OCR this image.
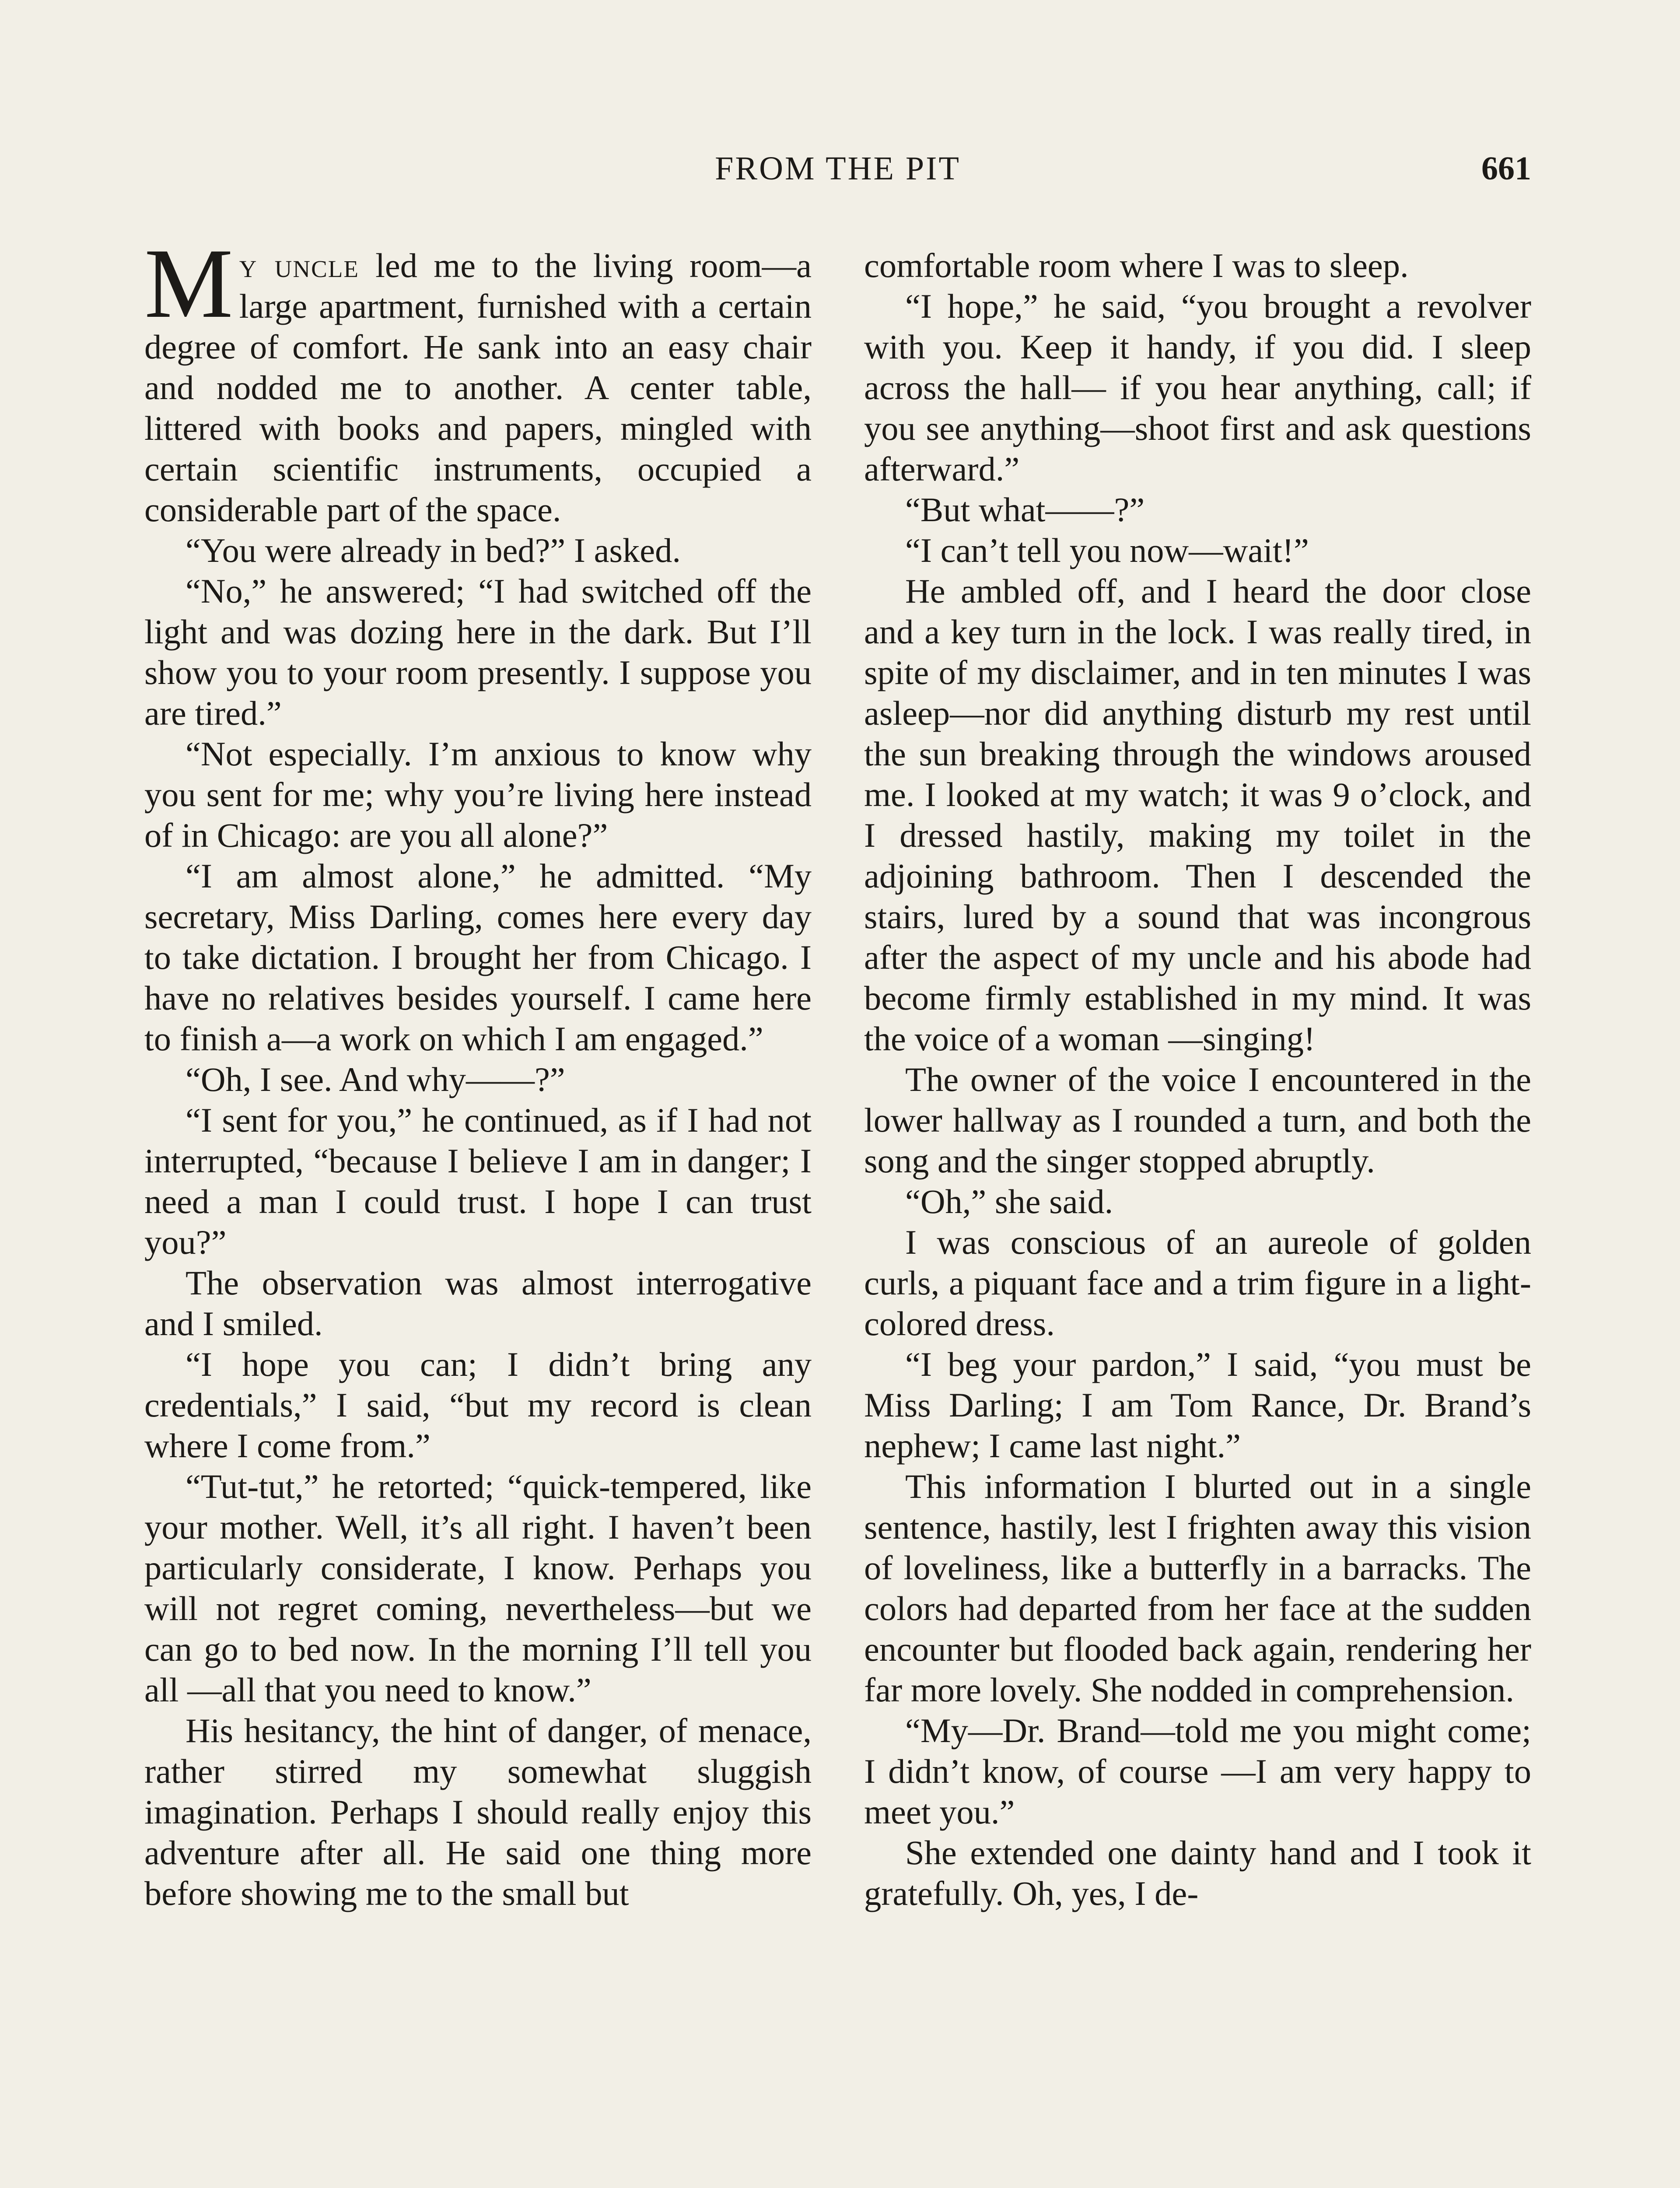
FROM THE PIT	661

My uncle led me to the living room—a large apartment, furnished with a certain degree of comfort. He sank into an easy chair and nodded me to another. A center table, littered with books and papers, mingled with certain scientific instruments, occupied a considerable part of the space.

“You were already in bed?” I asked.

“No,” he answered; “I had switched off the light and was dozing here in the dark. But I’ll show you to your room presently. I suppose you are tired.”

“Not especially. I’m anxious to know why you sent for me; why you’re living here instead of in Chicago: are you all alone?”

“I am almost alone,” he admitted. “My secretary, Miss Darling, comes here every day to take dictation. I brought her from Chicago. I have no relatives besides yourself. I came here to finish a—a work on which I am engaged.”

“Oh, I see. And why——?”

“I sent for you,” he continued, as if I had not interrupted, “because I believe I am in danger; I need a man I could trust. I hope I can trust you?”

The observation was almost interrogative and I smiled.

“I hope you can; I didn’t bring any credentials,” I said, “but my record is clean where I come from.”

“Tut-tut,” he retorted; “quick-tempered, like your mother. Well, it’s all right. I haven’t been particularly considerate, I know. Perhaps you will not regret coming, nevertheless—but we can go to bed now. In the morning I’ll tell you all —all that you need to know.”

His hesitancy, the hint of danger, of menace, rather stirred my somewhat sluggish imagination. Perhaps I should really enjoy this adventure after all. He said one thing more before showing me to the small but

comfortable room where I was to sleep.

“I hope,” he said, “you brought a revolver with you. Keep it handy, if you did. I sleep across the hall— if you hear anything, call; if you see anything—shoot first and ask questions afterward.”

“But what——?”

“I can’t tell you now—wait!”

He ambled off, and I heard the door close and a key turn in the lock. I was really tired, in spite of my disclaimer, and in ten minutes I was asleep—nor did anything disturb my rest until the sun breaking through the windows aroused me. I looked at my watch; it was 9 o’clock, and I dressed hastily, making my toilet in the adjoining bathroom. Then I descended the stairs, lured by a sound that was incongrous after the aspect of my uncle and his abode had become firmly established in my mind. It was the voice of a woman —singing!

The owner of the voice I encountered in the lower hallway as I rounded a turn, and both the song and the singer stopped abruptly.

“Oh,” she said.

I was conscious of an aureole of golden curls, a piquant face and a trim figure in a light-colored dress.

“I beg your pardon,” I said, “you must be Miss Darling; I am Tom Rance, Dr. Brand’s nephew; I came last night.”

This information I blurted out in a single sentence, hastily, lest I frighten away this vision of loveliness, like a butterfly in a barracks. The colors had departed from her face at the sudden encounter but flooded back again, rendering her far more lovely. She nodded in comprehension.

“My—Dr. Brand—told me you might come; I didn’t know, of course —I am very happy to meet you.”

She extended one dainty hand and I took it gratefully. Oh, yes, I de-
